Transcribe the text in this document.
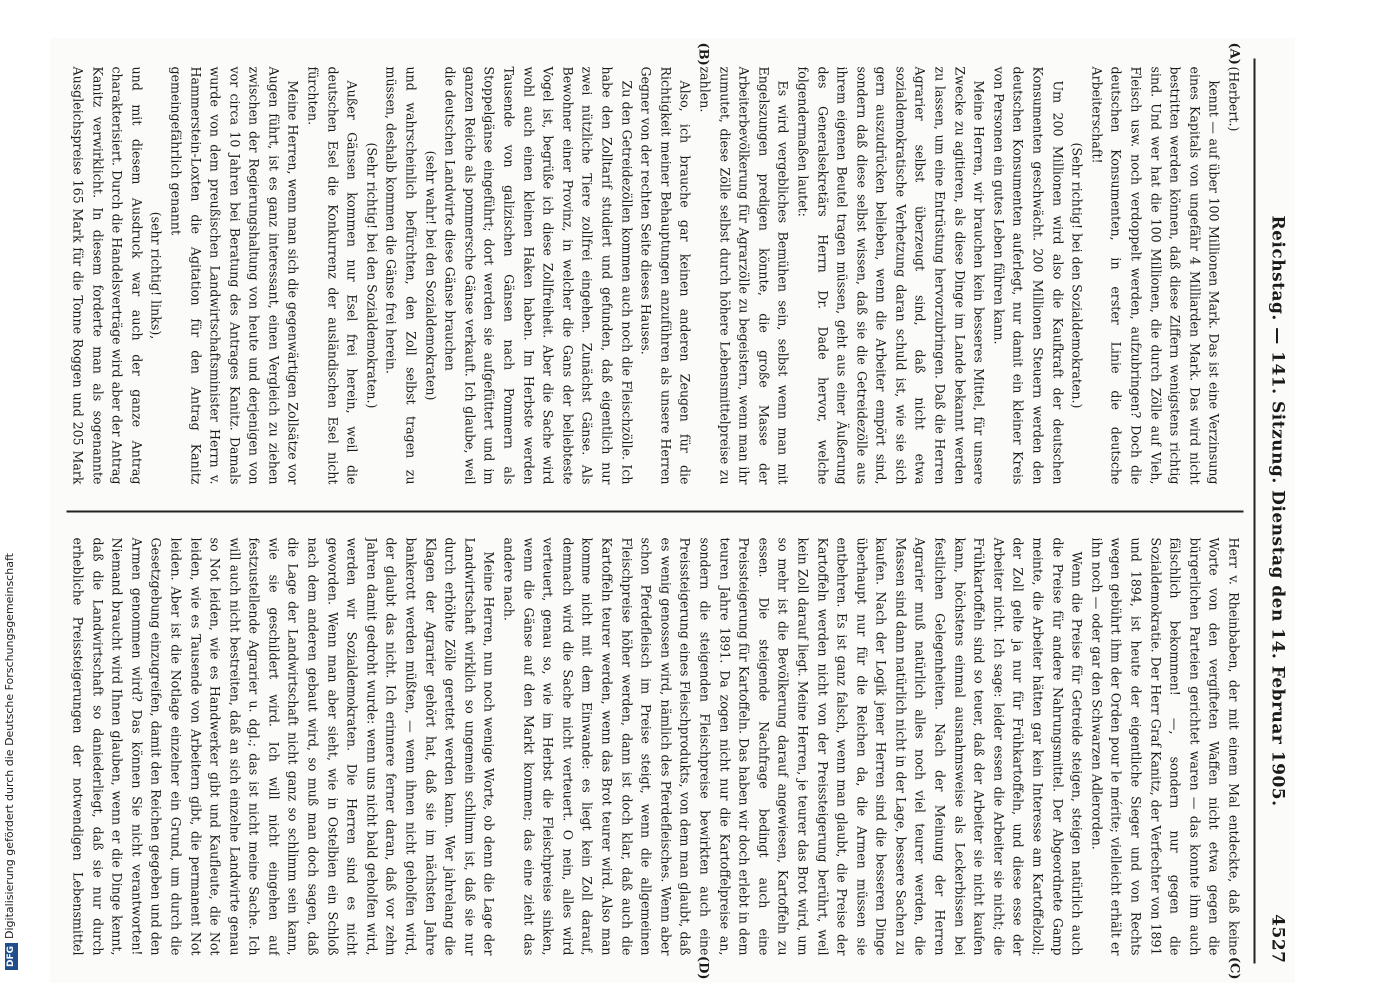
DFGDigitalisierung gefördert durch die Deutsche Forschungsgemeinschaft	Reichstag. — 141. Sitzung. Dienstag den 14. Februar 1905.
4527
(A)
(B)
(C)
(D)

(Herbert.)

kennt — auf über 100 Millionen Mark. Das ist eine Verzinsung eines Kapitals von ungefähr 4 Milliarden Mark. Das wird nicht bestritten werden können, daß diese Ziffern wenigstens richtig sind. Und wer hat die 100 Millionen, die durch Zölle auf Vieh, Fleisch usw. noch verdoppelt werden, aufzubringen? Doch die deutschen Konsumenten, in erster Linie die deutsche Arbeiterschaft!

(Sehr richtig! bei den Sozialdemokraten.)

Um 200 Millionen wird also die Kaufkraft der deutschen Konsumenten geschwächt. 200 Millionen Steuern werden den deutschen Konsumenten auferlegt, nur damit ein kleiner Kreis von Personen ein gutes Leben führen kann.

Meine Herren, wir brauchen kein besseres Mittel, für unsere Zwecke zu agitieren, als diese Dinge im Lande bekannt werden zu lassen, um eine Entrüstung hervorzubringen. Daß die Herren Agrarier selbst überzeugt sind, daß nicht etwa sozialdemokratische Verhetzung daran schuld ist, wie sie sich gern auszudrücken belieben, wenn die Arbeiter empört sind, sondern daß diese selbst wissen, daß sie die Getreidezölle aus ihrem eigenen Beutel tragen müssen, geht aus einer Äußerung des Generalsekretärs Herrn Dr. Dade hervor, welche folgendermaßen lautet:

Es wird vergebliches Bemühen sein, selbst wenn man mit Engelszungen predigen könnte, die große Masse der Arbeiterbevölkerung für Agrarzölle zu begeistern, wenn man ihr zumutet, diese Zölle selbst durch höhere Lebensmittelpreise zu zahlen.

Also, ich brauche gar keinen anderen Zeugen für die Richtigkeit meiner Behauptungen anzuführen als unsere Herren Gegner von der rechten Seite dieses Hauses.

Zu den Getreidezöllen kommen auch noch die Fleischzölle. Ich habe den Zolltarif studiert und gefunden, daß eigentlich nur zwei nützliche Tiere zollfrei eingehen. Zunächst Gänse. Als Bewohner einer Provinz, in welcher die Gans der beliebteste Vogel ist, begrüße ich diese Zollfreiheit. Aber die Sache wird wohl auch einen kleinen Haken haben. Im Herbste werden Tausende von galizischen Gänsen nach Pommern als Stoppelgänse eingeführt; dort werden sie aufgefüttert und im ganzen Reiche als pommersche Gänse verkauft. Ich glaube, weil die deutschen Landwirte diese Gänse brauchen

(sehr wahr! bei den Sozialdemokraten)

und wahrscheinlich befürchten, den Zoll selbst tragen zu müssen, deshalb kommen die Gänse frei herein.

(Sehr richtig! bei den Sozialdemokraten.)

Außer Gänsen kommen nur Esel frei herein, weil die deutschen Esel die Konkurrenz der ausländischen Esel nicht fürchten.

Meine Herren, wenn man sich die gegenwärtigen Zollsätze vor Augen führt, ist es ganz interessant, einen Vergleich zu ziehen zwischen der Regierungshaltung von heute und derjenigen von vor circa 10 Jahren bei Beratung des Antrages Kanitz. Damals wurde von dem preußischen Landwirtschaftsminister Herrn v. Hammerstein-Loxten die Agitation für den Antrag Kanitz gemeingefährlich genannt

(sehr richtig! links),

und mit diesem Ausdruck war auch der ganze Antrag charakterisiert. Durch die Handelsverträge wird aber der Antrag Kanitz verwirklicht. In diesem forderte man als sogenannte Ausgleichspreise 165 Mark für die Tonne Roggen und 205 Mark

Herr v. Rheinbaben, der mit einem Mal entdeckte, daß keine Worte von den vergifteten Waffen nicht etwa gegen die bürgerlichen Parteien gerichtet waren — das konnte ihm auch fälschlich bekommen! —, sondern nur gegen die Sozialdemokratie. Der Herr Graf Kanitz, der Verfechter von 1891 und 1894, ist heute der eigentliche Sieger und von Rechts wegen gebührt ihm der Orden pour le mérite; vielleicht erhält er ihn noch — oder gar den Schwarzen Adlerorden.

Wenn die Preise für Getreide steigen, steigen natürlich auch die Preise für andere Nahrungsmittel. Der Abgeordnete Gamp meinte, die Arbeiter hätten gar kein Interesse am Kartoffelzoll; der Zoll gelte ja nur für Frühkartoffeln, und diese esse der Arbeiter nicht. Ich sage: leider essen die Arbeiter sie nicht; die Frühkartoffeln sind so teuer, daß der Arbeiter sie nicht kaufen kann, höchstens einmal ausnahmsweise als Leckerbissen bei festlichen Gelegenheiten. Nach der Meinung der Herren Agrarier muß natürlich alles noch viel teurer werden, die Massen sind dann natürlich nicht in der Lage, bessere Sachen zu kaufen. Nach der Logik jener Herren sind die besseren Dinge überhaupt nur für die Reichen da, die Armen müssen sie entbehren. Es ist ganz falsch, wenn man glaubt, die Preise der Kartoffeln werden nicht von der Preissteigerung berührt, weil kein Zoll darauf liegt. Meine Herren, je teurer das Brot wird, um so mehr ist die Bevölkerung darauf angewiesen, Kartoffeln zu essen. Die steigende Nachfrage bedingt auch eine Preissteigerung für Kartoffeln. Das haben wir doch erlebt in dem teuren Jahre 1891. Da zogen nicht nur die Kartoffelpreise an, sondern die steigenden Fleischpreise bewirkten auch eine Preissteigerung eines Fleischprodukts, von dem man glaubt, daß es wenig genossen wird, nämlich des Pferdefleisches. Wenn aber schon Pferdefleisch im Preise steigt, wenn die allgemeinen Fleischpreise höher werden, dann ist doch klar, daß auch die Kartoffeln teurer werden, wenn das Brot teurer wird. Also man komme nicht mit dem Einwande: es liegt kein Zoll darauf, demnach wird die Sache nicht verteuert. O nein, alles wird verteuert, genau so, wie im Herbst die Fleischpreise sinken, wenn die Gänse auf den Markt kommen; das eine zieht das andere nach.

Meine Herren, nun noch wenige Worte, ob denn die Lage der Landwirtschaft wirklich so ungemein schlimm ist, daß sie nur durch erhöhte Zölle gerettet werden kann. Wer jahrelang die Klagen der Agrarier gehört hat, daß sie im nächsten Jahre bankerott werden müßten, — wenn ihnen nicht geholfen wird, der glaubt das nicht. Ich erinnere ferner daran, daß vor zehn Jahren damit gedroht wurde: wenn uns nicht bald geholfen wird, werden wir Sozialdemokraten. Die Herren sind es nicht geworden. Wenn man aber sieht, wie in Ostelbien ein Schloß nach dem anderen gebaut wird, so muß man doch sagen, daß die Lage der Landwirtschaft nicht ganz so schlimm sein kann, wie sie geschildert wird. Ich will nicht eingehen auf festzustellende Agrarier u. dgl.; das ist nicht meine Sache. Ich will auch nicht bestreiten, daß an sich einzelne Landwirte genau so Not leiden, wie es Handwerker gibt und Kaufleute, die Not leiden, wie es Tausende von Arbeitern gibt, die permanent Not leiden. Aber ist die Notlage einzelner ein Grund, um durch die Gesetzgebung einzugreifen, damit den Reichen gegeben und den Armen genommen wird? Das können Sie nicht verantworten! Niemand braucht wird Ihnen glauben, wenn er die Dinge kennt, daß die Landwirtschaft so daniederliegt, daß sie nur durch erhebliche Preissteigerungen der notwendigen Lebensmittel
